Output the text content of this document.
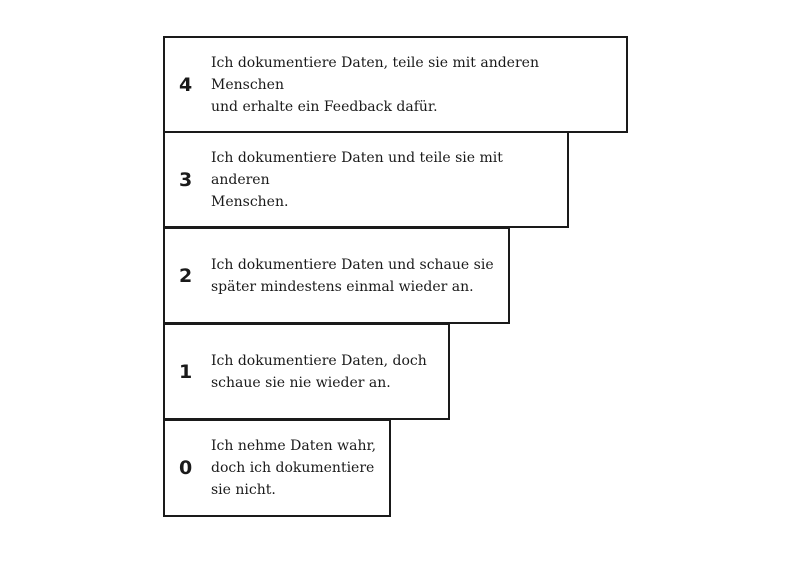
4
Ich dokumentiere Daten, teile sie mit anderen Menschen
und erhalte ein Feedback dafür.
3
Ich dokumentiere Daten und teile sie mit anderen
Menschen.
2 Ich dokumentiere Daten und schaue sie
später mindestens einmal wieder an.
1 Ich dokumentiere Daten, doch
schaue sie nie wieder an.
0
Ich nehme Daten wahr,
doch ich dokumentiere
sie nicht.
